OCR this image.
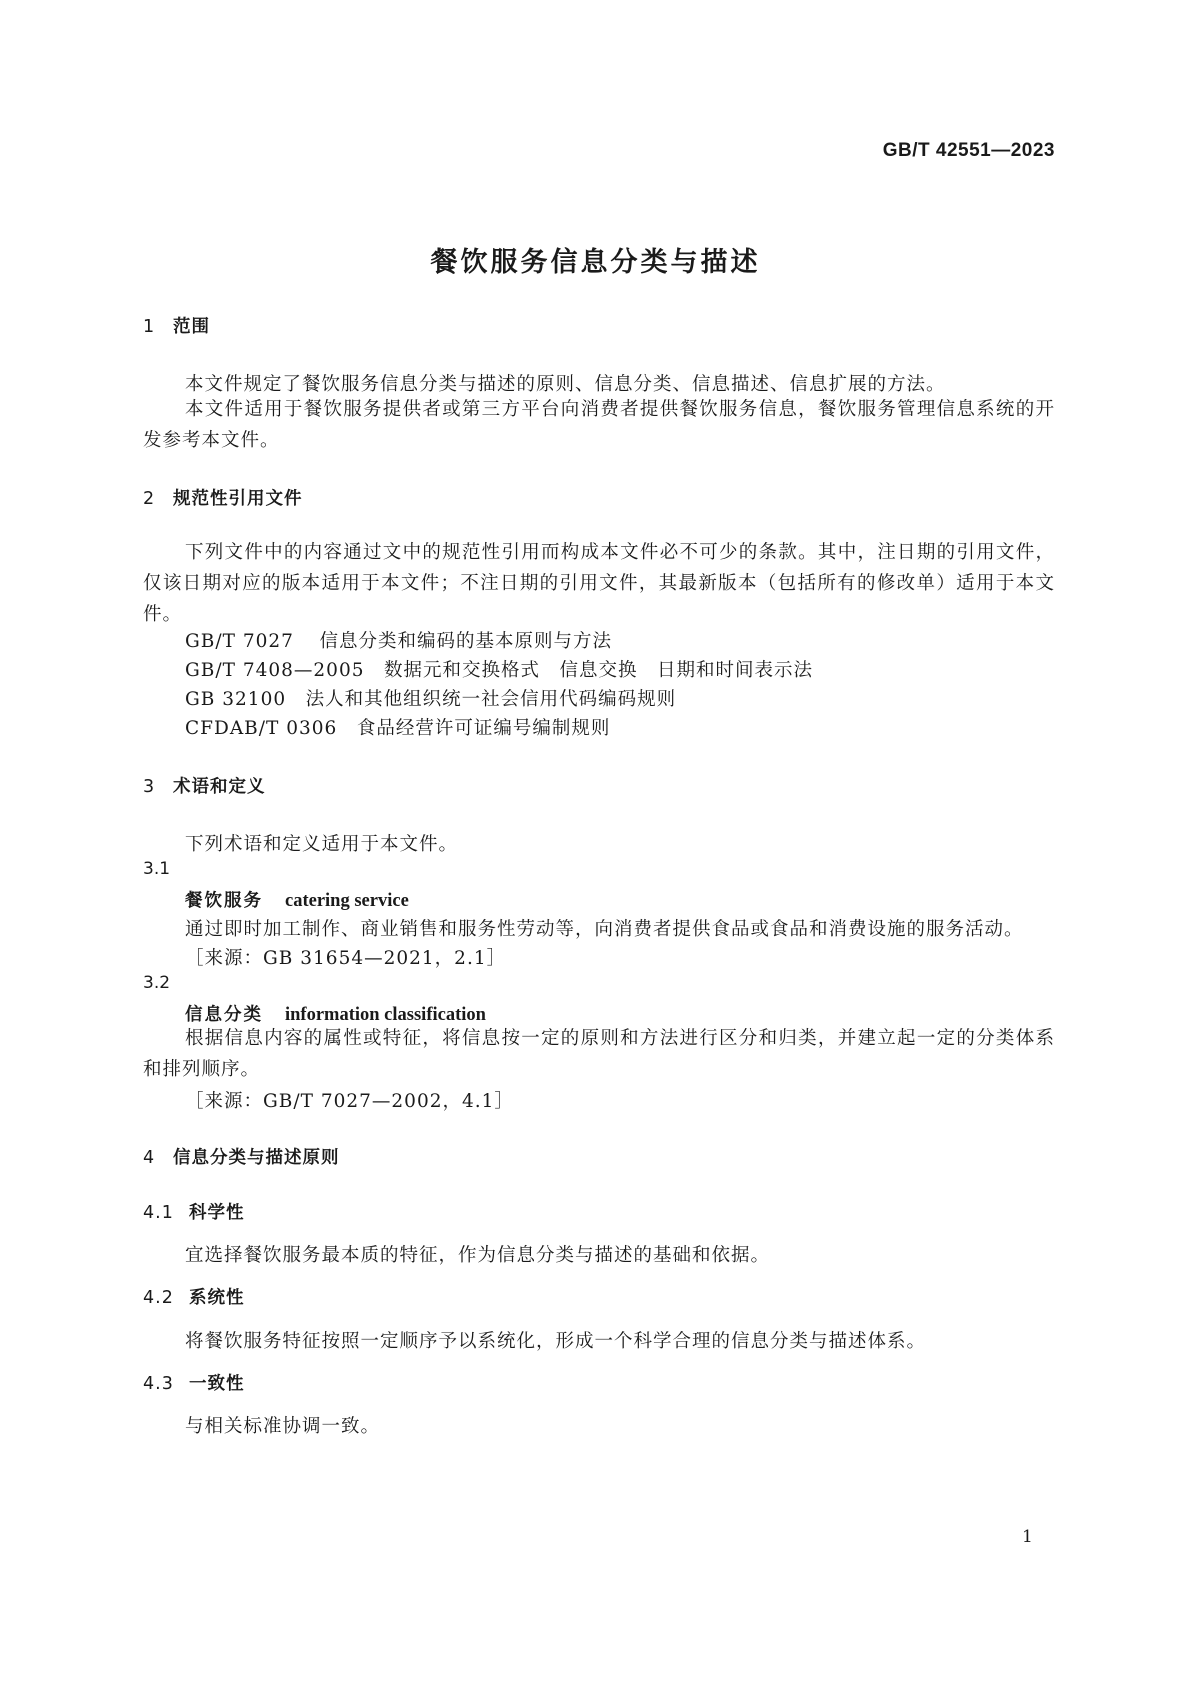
GB/T 42551—2023
餐饮服务信息分类与描述
1 范围
本文件规定了餐饮服务信息分类与描述的原则、信息分类、信息描述、信息扩展的方法。
本文件适用于餐饮服务提供者或第三方平台向消费者提供餐饮服务信息，餐饮服务管理信息系统的开发参考本文件。
2 规范性引用文件
下列文件中的内容通过文中的规范性引用而构成本文件必不可少的条款。其中，注日期的引用文件，仅该日期对应的版本适用于本文件；不注日期的引用文件，其最新版本（包括所有的修改单）适用于本文件。
GB/T 7027　 信息分类和编码的基本原则与方法
GB/T 7408—2005　 数据元和交换格式　信息交换　日期和时间表示法
GB 32100　 法人和其他组织统一社会信用代码编码规则
CFDAB/T 0306　 食品经营许可证编号编制规则
3 术语和定义
下列术语和定义适用于本文件。
3.1
餐饮服务 catering service
通过即时加工制作、商业销售和服务性劳动等，向消费者提供食品或食品和消费设施的服务活动。
［来源：GB 31654—2021，2.1］
3.2
信息分类 information classification
根据信息内容的属性或特征，将信息按一定的原则和方法进行区分和归类，并建立起一定的分类体系和排列顺序。
［来源：GB/T 7027—2002，4.1］
4 信息分类与描述原则
4.1 科学性
宜选择餐饮服务最本质的特征，作为信息分类与描述的基础和依据。
4.2 系统性
将餐饮服务特征按照一定顺序予以系统化，形成一个科学合理的信息分类与描述体系。
4.3 一致性
与相关标准协调一致。
1
